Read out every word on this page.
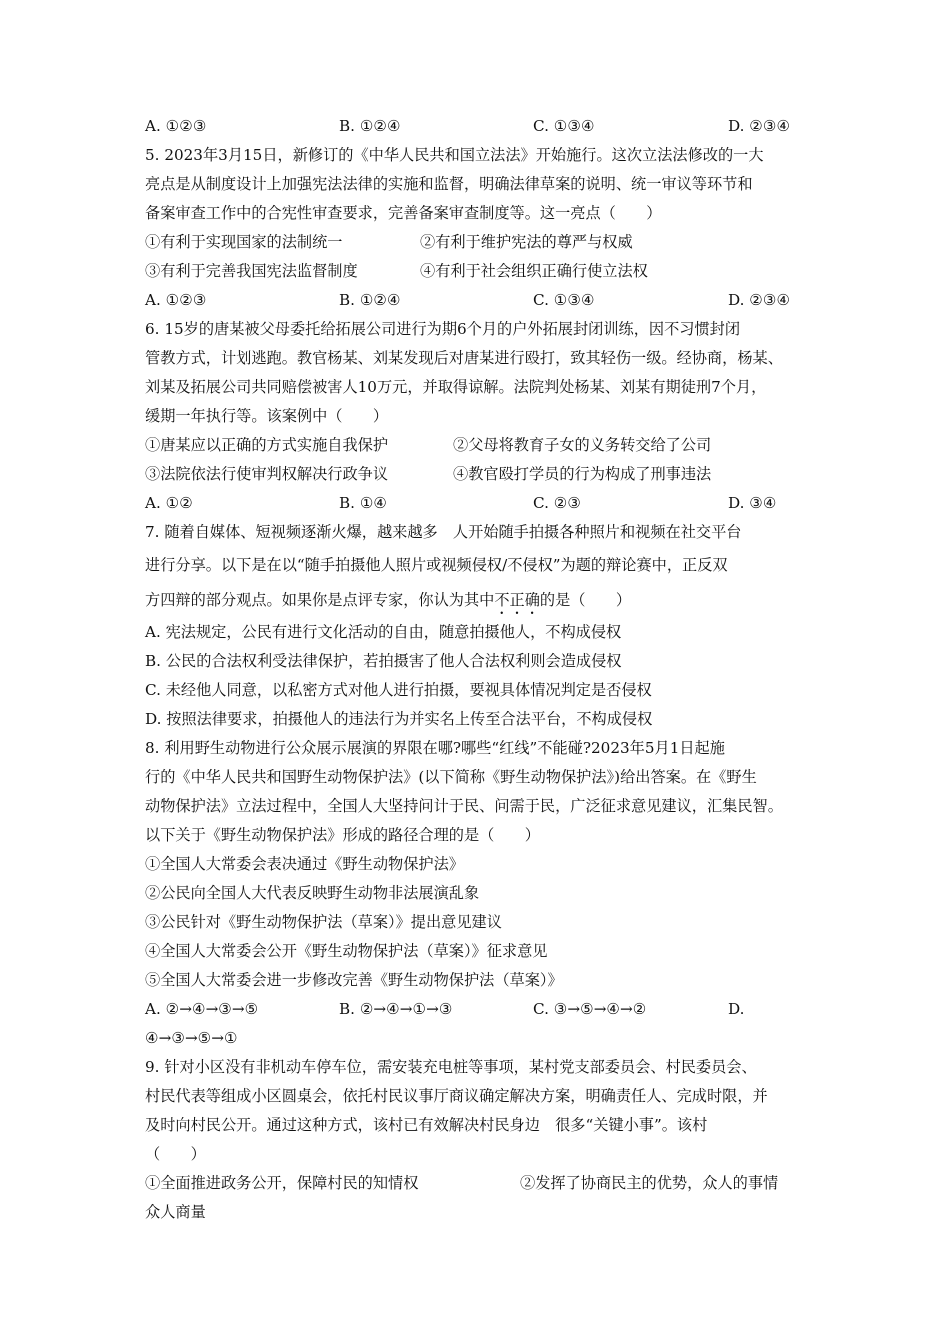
A. ①②③	B. ①②④	C. ①③④	D. ②③④
5. 2023年3月15日，新修订的《中华人民共和国立法法》开始施行。这次立法法修改的一大
亮点是从制度设计上加强宪法法律的实施和监督，明确法律草案的说明、统一审议等环节和
备案审查工作中的合宪性审查要求，完善备案审查制度等。这一亮点（　　）
①有利于实现国家的法制统一	②有利于维护宪法的尊严与权威
③有利于完善我国宪法监督制度	④有利于社会组织正确行使立法权
A. ①②③	B. ①②④	C. ①③④	D. ②③④
6. 15岁的唐某被父母委托给拓展公司进行为期6个月的户外拓展封闭训练，因不习惯封闭
管教方式，计划逃跑。教官杨某、刘某发现后对唐某进行殴打，致其轻伤一级。经协商，杨某、
刘某及拓展公司共同赔偿被害人10万元，并取得谅解。法院判处杨某、刘某有期徒刑7个月，
缓期一年执行等。该案例中（　　）
①唐某应以正确的方式实施自我保护	②父母将教育子女的义务转交给了公司
③法院依法行使审判权解决行政争议	④教官殴打学员的行为构成了刑事违法
A. ①②	B. ①④	C. ②③	D. ③④
7. 随着自媒体、短视频逐渐火爆，越来越多　人开始随手拍摄各种照片和视频在社交平台
进行分享。以下是在以“随手拍摄他人照片或视频侵权/不侵权”为题的辩论赛中，正反双
方四辩的部分观点。如果你是点评专家，你认为其中不正确的是（　　）
A. 宪法规定，公民有进行文化活动的自由，随意拍摄他人，不构成侵权
B. 公民的合法权利受法律保护，若拍摄害了他人合法权利则会造成侵权
C. 未经他人同意，以私密方式对他人进行拍摄，要视具体情况判定是否侵权
D. 按照法律要求，拍摄他人的违法行为并实名上传至合法平台，不构成侵权
8. 利用野生动物进行公众展示展演的界限在哪?哪些“红线”不能碰?2023年5月1日起施
行的《中华人民共和国野生动物保护法》(以下简称《野生动物保护法》)给出答案。在《野生
动物保护法》立法过程中，全国人大坚持问计于民、问需于民，广泛征求意见建议，汇集民智。
以下关于《野生动物保护法》形成的路径合理的是（　　）
①全国人大常委会表决通过《野生动物保护法》
②公民向全国人大代表反映野生动物非法展演乱象
③公民针对《野生动物保护法（草案）》提出意见建议
④全国人大常委会公开《野生动物保护法（草案）》征求意见
⑤全国人大常委会进一步修改完善《野生动物保护法（草案）》
A. ②→④→③→⑤	B. ②→④→①→③	C. ③→⑤→④→②	D.
④→③→⑤→①
9. 针对小区没有非机动车停车位，需安装充电桩等事项，某村党支部委员会、村民委员会、
村民代表等组成小区圆桌会，依托村民议事厅商议确定解决方案，明确责任人、完成时限，并
及时向村民公开。通过这种方式，该村已有效解决村民身边　很多“关键小事”。该村
（　　）
①全面推进政务公开，保障村民的知情权	②发挥了协商民主的优势，众人的事情
众人商量
